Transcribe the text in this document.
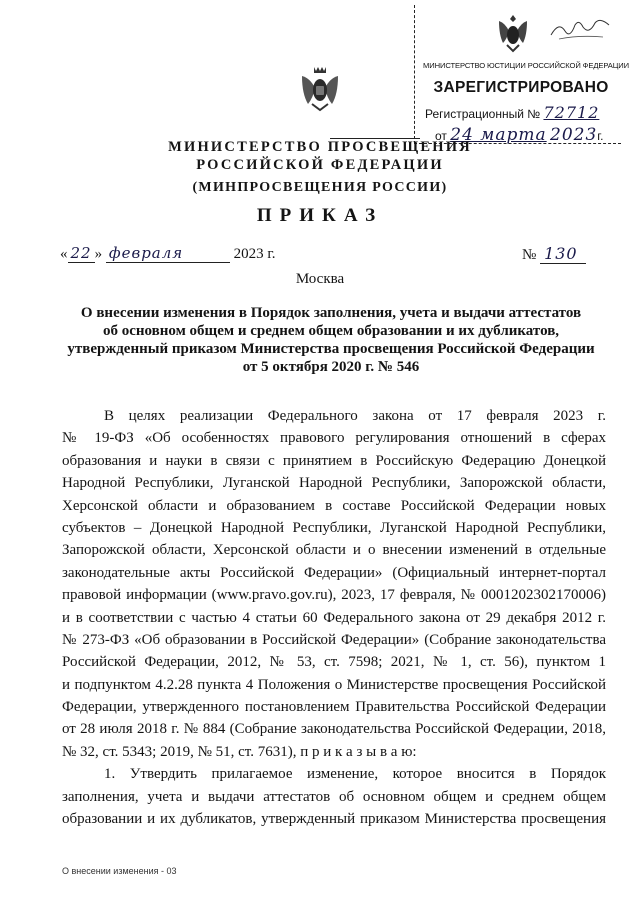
МИНИСТЕРСТВО ЮСТИЦИИ РОССИЙСКОЙ ФЕДЕРАЦИИ
ЗАРЕГИСТРИРОВАНО
Регистрационный № 72712
от 24 марта 2023г.
МИНИСТЕРСТВО ПРОСВЕЩЕНИЯ
РОССИЙСКОЙ ФЕДЕРАЦИИ
(МИНПРОСВЕЩЕНИЯ РОССИИ)
ПРИКАЗ
« 22 » февраля	2023 г.	№ 130
Москва
О внесении изменения в Порядок заполнения, учета и выдачи аттестатов
об основном общем и среднем общем образовании и их дубликатов,
утвержденный приказом Министерства просвещения Российской Федерации
от 5 октября 2020 г. № 546
В целях реализации Федерального закона от 17 февраля 2023 г.
№ 19-ФЗ «Об особенностях правового регулирования отношений в сферах
образования и науки в связи с принятием в Российскую Федерацию Донецкой
Народной Республики, Луганской Народной Республики, Запорожской области,
Херсонской области и образованием в составе Российской Федерации новых
субъектов – Донецкой Народной Республики, Луганской Народной Республики,
Запорожской области, Херсонской области и о внесении изменений в отдельные
законодательные акты Российской Федерации» (Официальный интернет-портал
правовой информации (www.pravo.gov.ru), 2023, 17 февраля, № 0001202302170006)
и в соответствии с частью 4 статьи 60 Федерального закона от 29 декабря 2012 г.
№ 273-ФЗ «Об образовании в Российской Федерации» (Собрание законодательства
Российской Федерации, 2012, № 53, ст. 7598; 2021, № 1, ст. 56), пунктом 1
и подпунктом 4.2.28 пункта 4 Положения о Министерстве просвещения Российской
Федерации, утвержденного постановлением Правительства Российской Федерации
от 28 июля 2018 г. № 884 (Собрание законодательства Российской Федерации, 2018,
№ 32, ст. 5343; 2019, № 51, ст. 7631), п р и к а з ы в а ю:
1. Утвердить прилагаемое изменение, которое вносится в Порядок
заполнения, учета и выдачи аттестатов об основном общем и среднем общем
образовании и их дубликатов, утвержденный приказом Министерства просвещения
О внесении изменения - 03
